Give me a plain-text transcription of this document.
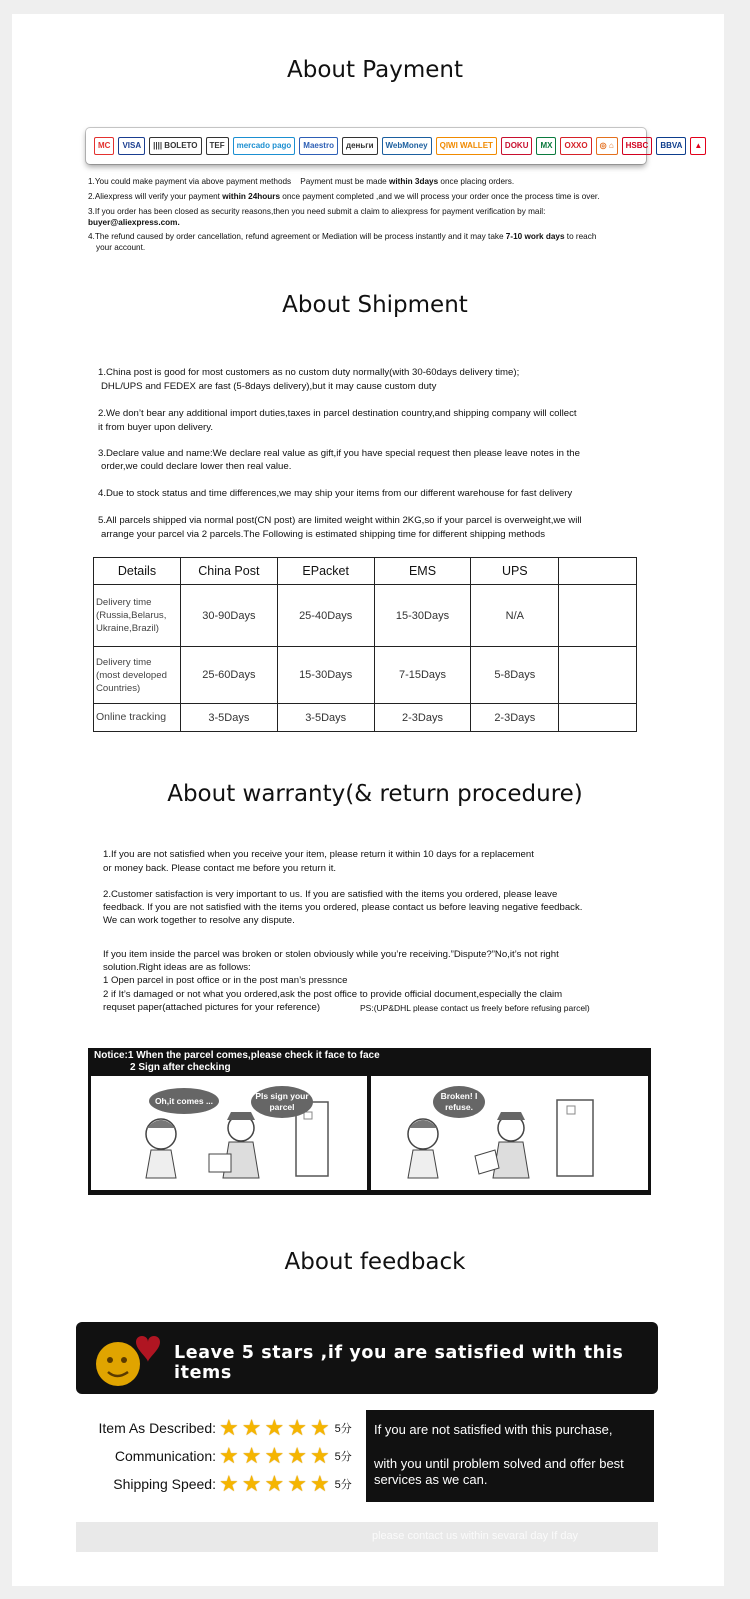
About Payment
MC	VISA	|||| BOLETO	TEF	mercado pago	Maestro	деньги	WebMoney	QIWI WALLET	DOKU	MX	OXXO	◎ ⌂	HSBC	BBVA	▲
1.You could make payment via above payment methods    Payment must be made within 3days once placing orders.
2.Aliexpress will verify your payment within 24hours once payment completed ,and we will process your order once the process time is over.
3.If you order has been closed as security reasons,then you need submit a claim to aliexpress for payment verification by mail:
buyer@aliexpress.com.
4.The refund caused by order cancellation, refund agreement or Mediation will be process instantly and it may take 7-10 work days to reach
your account.
About Shipment
1.China post is good for most customers as no custom duty normally(with 30-60days delivery time);
DHL/UPS and FEDEX are fast (5-8days delivery),but it may cause custom duty
2.We don’t bear any additional import duties,taxes in parcel destination country,and shipping company will collect
it from buyer upon delivery.
3.Declare value and name:We declare real value as gift,if you have special request then please leave notes in the
order,we could declare lower then real value.
4.Due to stock status and time differences,we may ship your items from our different warehouse for fast delivery
5.All parcels shipped via normal post(CN post) are limited weight within 2KG,so if your parcel is overweight,we will
arrange your parcel via 2 parcels.The Following is estimated shipping time for different shipping methods
Details	China Post	EPacket	EMS	UPS	
Delivery time (Russia,Belarus, Ukraine,Brazil)	30-90Days	25-40Days	15-30Days	N/A	
Delivery time (most developed Countries)	25-60Days	15-30Days	7-15Days	5-8Days	
Online tracking	3-5Days	3-5Days	2-3Days	2-3Days	
About warranty(& return procedure)
1.If you are not satisfied when you receive your item, please return it within 10 days for a replacement
or money back. Please contact me before you return it.
2.Customer satisfaction is very important to us. If you are satisfied with the items you ordered, please leave
feedback. If you are not satisfied with the items you ordered, please contact us before leaving negative feedback.
We can work together to resolve any dispute.
If you item inside the parcel was broken or stolen obviously while you’re receiving.”Dispute?”No,it’s not right
solution.Right ideas are as follows:
1 Open parcel in post office or in the post man’s pressnce
2 if It’s damaged or not what you ordered,ask the post office to provide official document,especially the claim
requset paper(attached pictures for your reference)	PS:(UP&DHL please contact us freely before refusing parcel)
Notice:1 When the parcel comes,please check it face to face
2 Sign after checking
Oh,it comes ...	Pls sign your parcel
Broken! I refuse.
About feedback
Leave 5 stars ,if you are satisfied with this items
Item As Described: ★ ★ ★ ★ ★ 5分
Communication: ★ ★ ★ ★ ★ 5分
Shipping Speed: ★ ★ ★ ★ ★ 5分
If you are not satisfied with this purchase,
with you until problem solved and offer best services as we can.
please contact us within sevaral day If day
